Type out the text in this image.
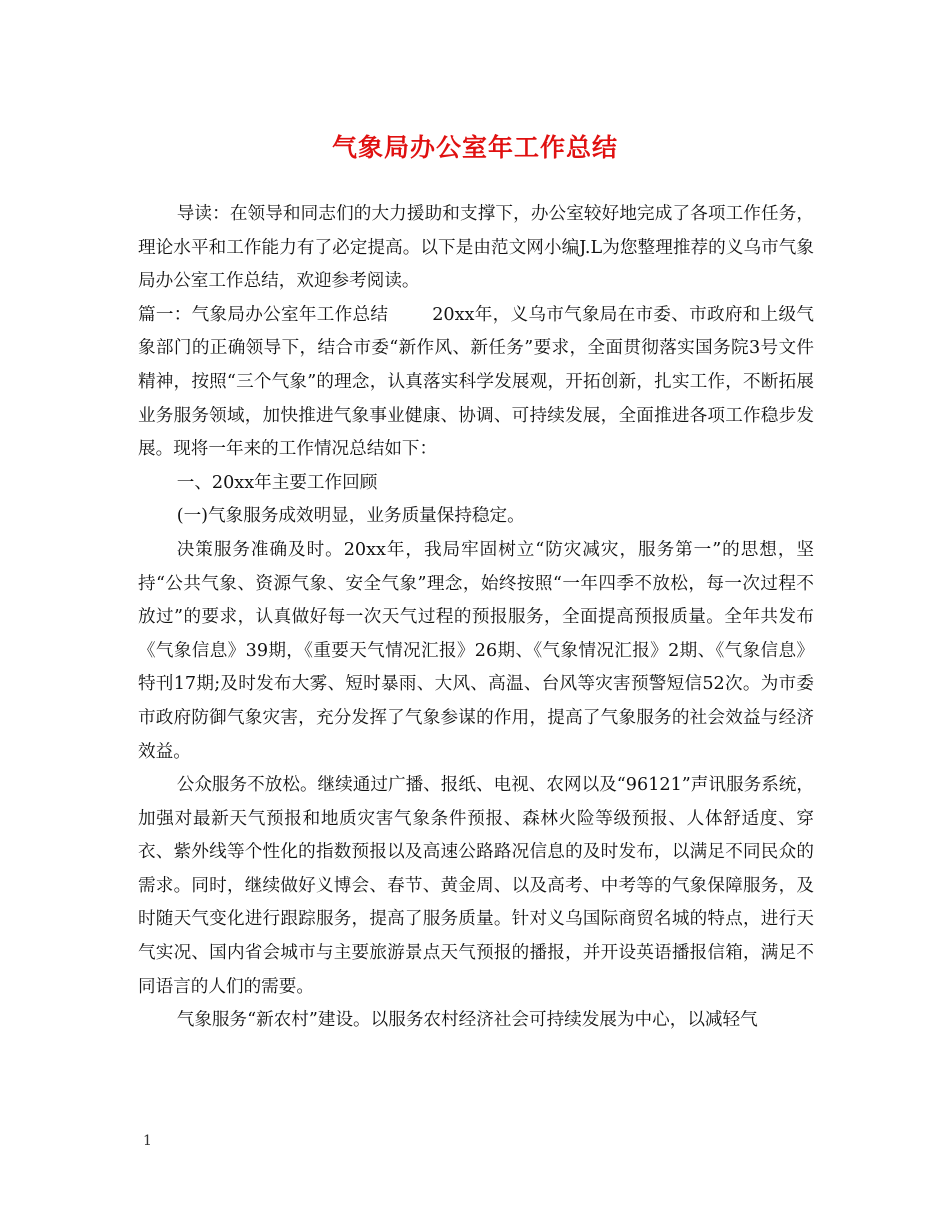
气象局办公室年工作总结

导读：在领导和同志们的大力援助和支撑下，办公室较好地完成了各项工作任务，理论水平和工作能力有了必定提高。以下是由范文网小编J.L为您整理推荐的义乌市气象局办公室工作总结，欢迎参考阅读。

篇一：气象局办公室年工作总结	20xx年，义乌市气象局在市委、市政府和上级气象部门的正确领导下，结合市委“新作风、新任务”要求，全面贯彻落实国务院3号文件精神，按照“三个气象”的理念，认真落实科学发展观，开拓创新，扎实工作，不断拓展业务服务领域，加快推进气象事业健康、协调、可持续发展，全面推进各项工作稳步发展。现将一年来的工作情况总结如下：

一、20xx年主要工作回顾

(一)气象服务成效明显，业务质量保持稳定。

决策服务准确及时。20xx年，我局牢固树立“防灾减灾，服务第一”的思想，坚持“公共气象、资源气象、安全气象”理念，始终按照“一年四季不放松，每一次过程不放过”的要求，认真做好每一次天气过程的预报服务，全面提高预报质量。全年共发布《气象信息》39期，《重要天气情况汇报》26期、《气象情况汇报》2期、《气象信息》特刊17期;及时发布大雾、短时暴雨、大风、高温、台风等灾害预警短信52次。为市委市政府防御气象灾害，充分发挥了气象参谋的作用，提高了气象服务的社会效益与经济效益。

公众服务不放松。继续通过广播、报纸、电视、农网以及“96121”声讯服务系统，加强对最新天气预报和地质灾害气象条件预报、森林火险等级预报、人体舒适度、穿衣、紫外线等个性化的指数预报以及高速公路路况信息的及时发布，以满足不同民众的需求。同时，继续做好义博会、春节、黄金周、以及高考、中考等的气象保障服务，及时随天气变化进行跟踪服务，提高了服务质量。针对义乌国际商贸名城的特点，进行天气实况、国内省会城市与主要旅游景点天气预报的播报，并开设英语播报信箱，满足不同语言的人们的需要。

气象服务“新农村”建设。以服务农村经济社会可持续发展为中心，以减轻气

1
